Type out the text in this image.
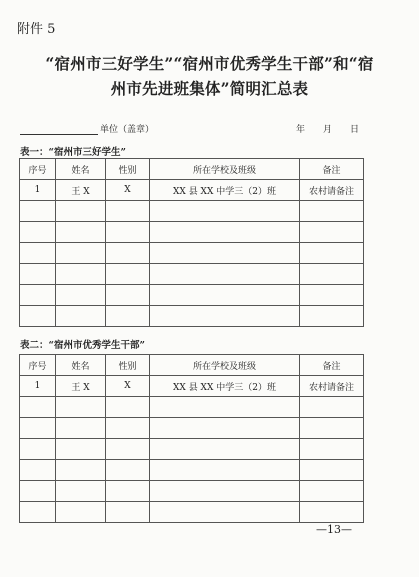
附件 5
“宿州市三好学生”“宿州市优秀学生干部”和“宿
州市先进班集体”简明汇总表
单位（盖章）	年 月 日
表一：“宿州市三好学生”
序号	姓名	性别	所在学校及班级	备注
1	王 X	X	XX 县 XX 中学三（2）班	农村请备注

表二：“宿州市优秀学生干部”
序号	姓名	性别	所在学校及班级	备注
1	王 X	X	XX 县 XX 中学三（2）班	农村请备注

—13—
